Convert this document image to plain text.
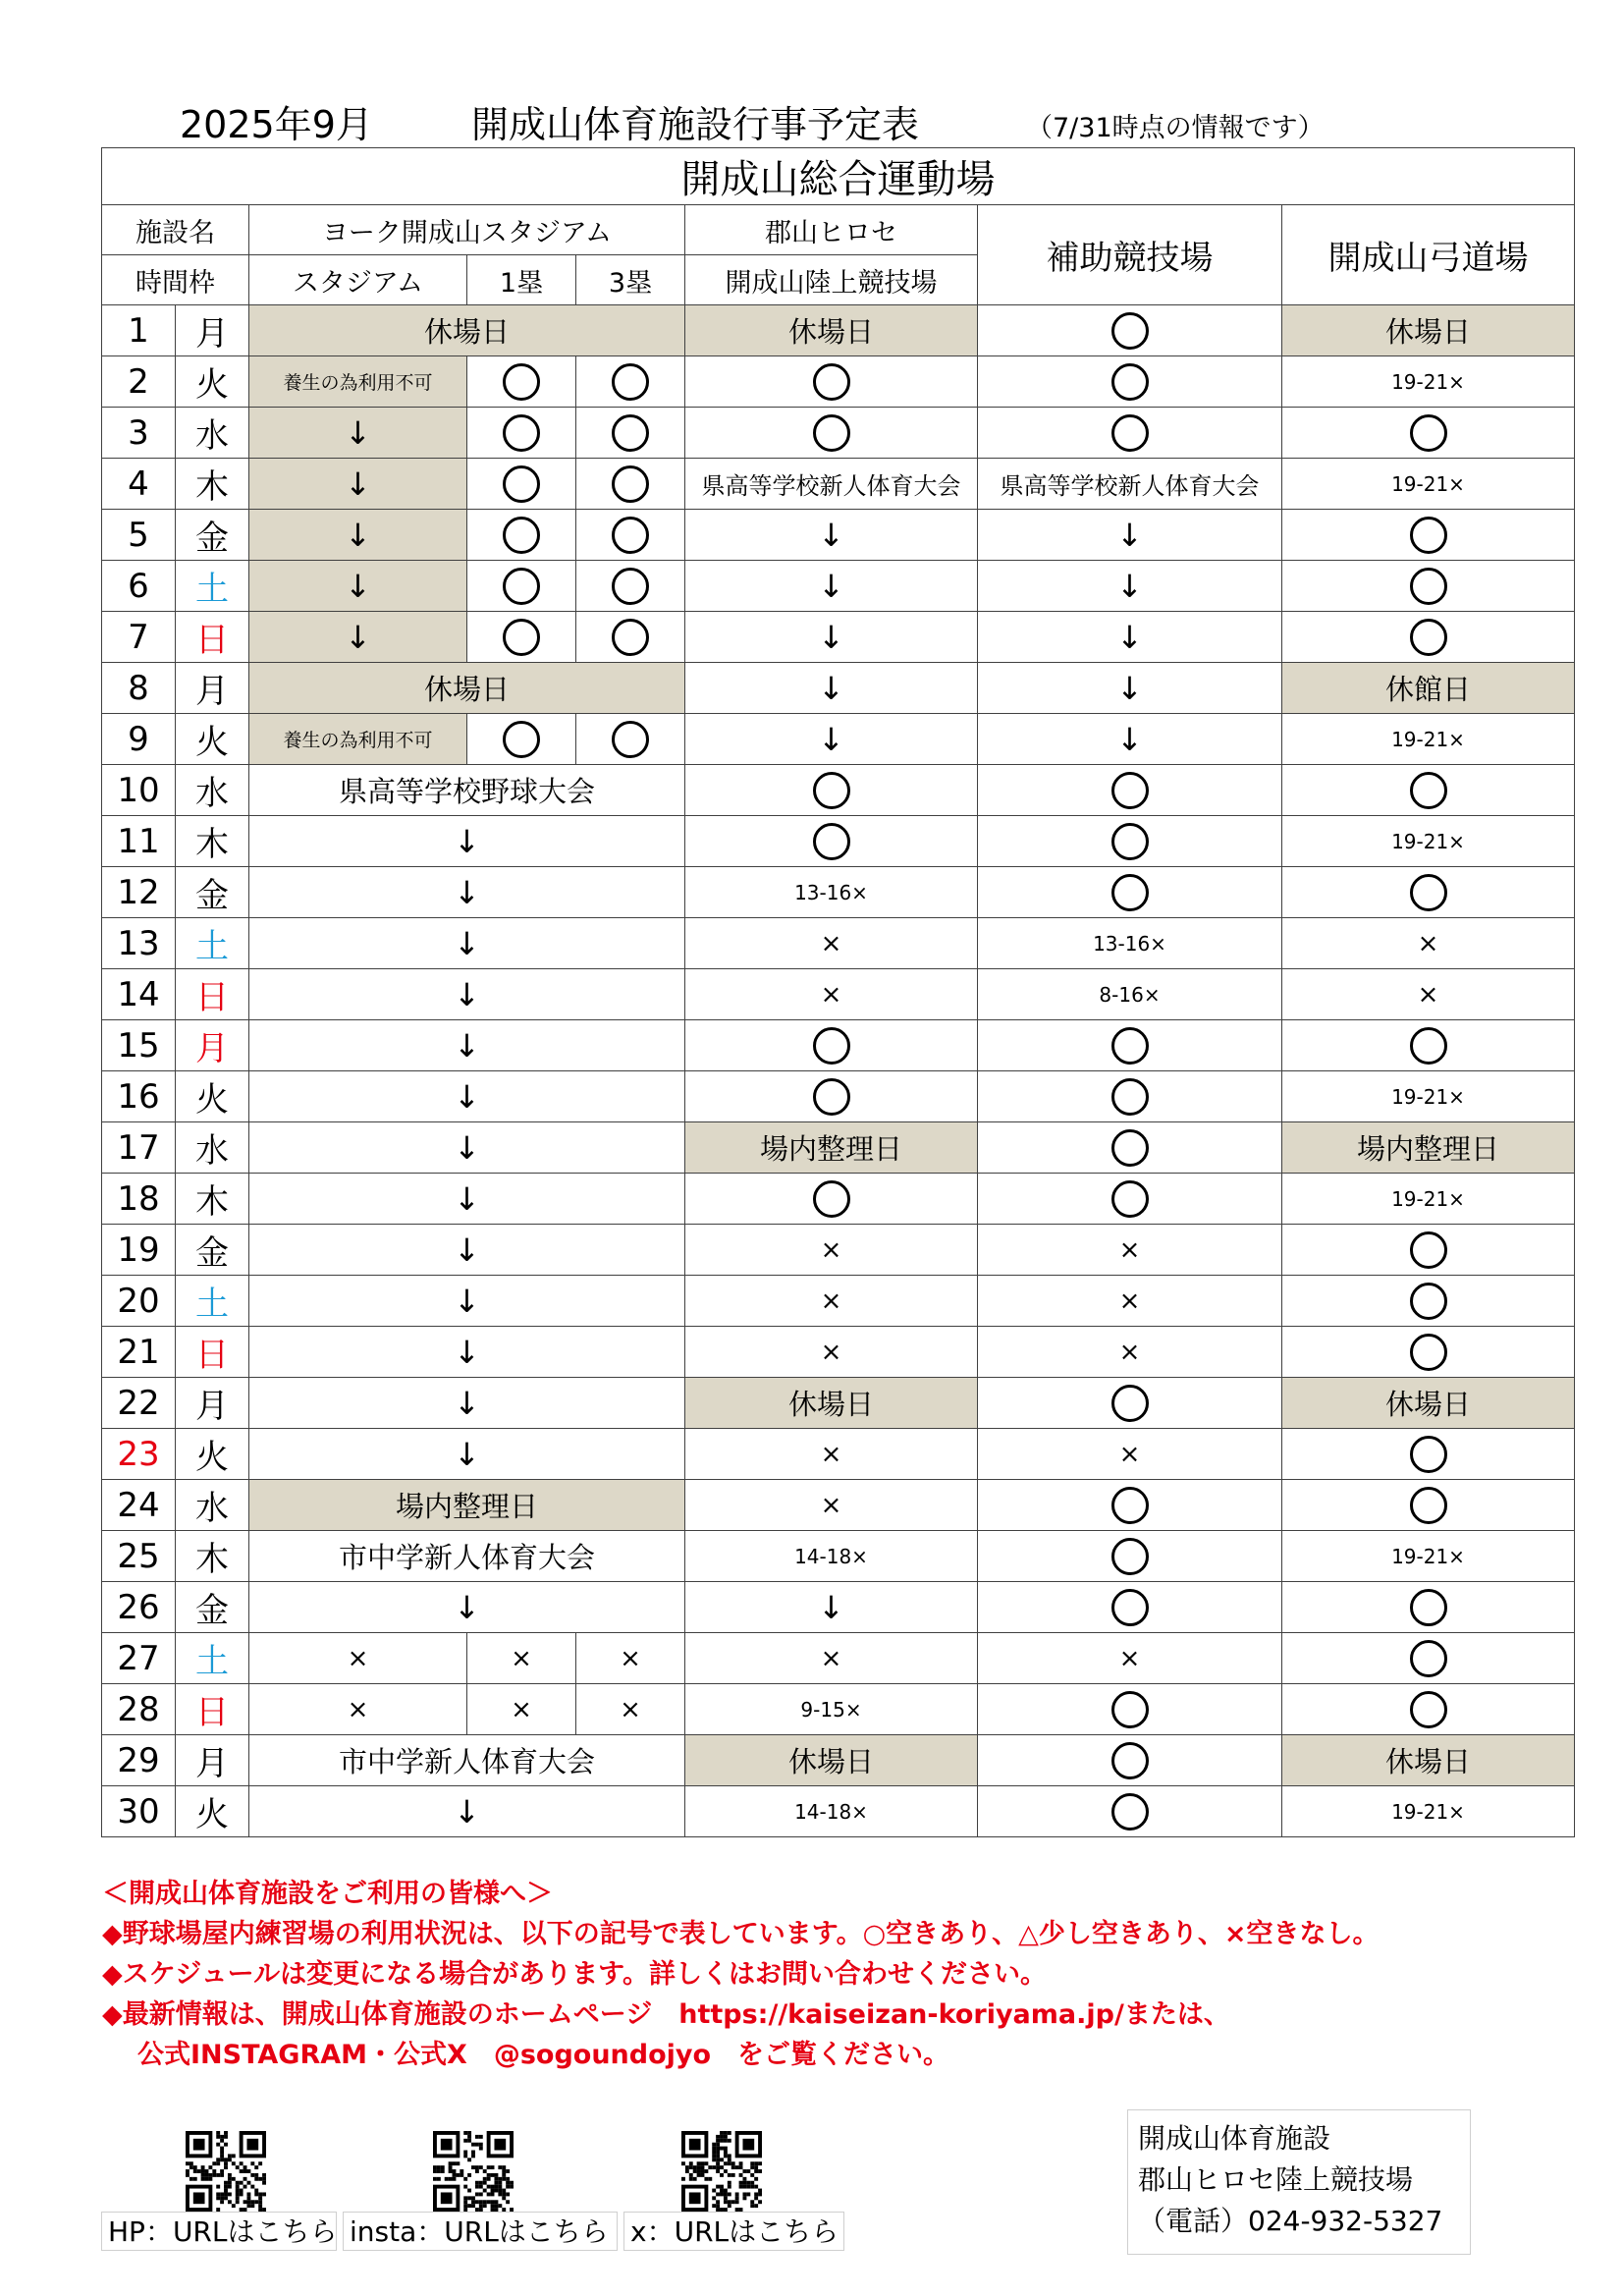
2025年9月	開成山体育施設行事予定表	（7/31時点の情報です）
開成山総合運動場							
施設名		ヨーク開成山スタジアム			郡山ヒロセ	補助競技場	開成山弓道場
時間枠		スタジアム	1塁	3塁	開成山陸上競技場		
1	月	休場日			休場日		休場日
2	火	養生の為利用不可					19-21×
3	水	↓					
4	木	↓			県高等学校新人体育大会	県高等学校新人体育大会	19-21×
5	金	↓			↓	↓	
6	土	↓			↓	↓	
7	日	↓			↓	↓	
8	月	休場日			↓	↓	休館日
9	火	養生の為利用不可			↓	↓	19-21×
10	水	県高等学校野球大会					
11	木	↓					19-21×
12	金	↓			13-16×		
13	土	↓			×	13-16×	×
14	日	↓			×	8-16×	×
15	月	↓					
16	火	↓					19-21×
17	水	↓			場内整理日		場内整理日
18	木	↓					19-21×
19	金	↓			×	×	
20	土	↓			×	×	
21	日	↓			×	×	
22	月	↓			休場日		休場日
23	火	↓			×	×	
24	水	場内整理日			×		
25	木	市中学新人体育大会			14-18×		19-21×
26	金	↓			↓		
27	土	×	×	×	×	×	
28	日	×	×	×	9-15×		
29	月	市中学新人体育大会			休場日		休場日
30	火	↓			14-18×		19-21×
＜開成山体育施設をご利用の皆様へ＞
◆野球場屋内練習場の利用状況は、以下の記号で表しています。○空きあり、△少し空きあり、×空きなし。
◆スケジュールは変更になる場合があります。詳しくはお問い合わせください。
◆最新情報は、開成山体育施設のホームページ　https://kaiseizan-koriyama.jp/または、
公式INSTAGRAM・公式X　@sogoundojyo　をご覧ください。
HP：URLはこちら insta：URLはこちら x：URLはこちら
開成山体育施設
郡山ヒロセ陸上競技場
（電話）024-932-5327
